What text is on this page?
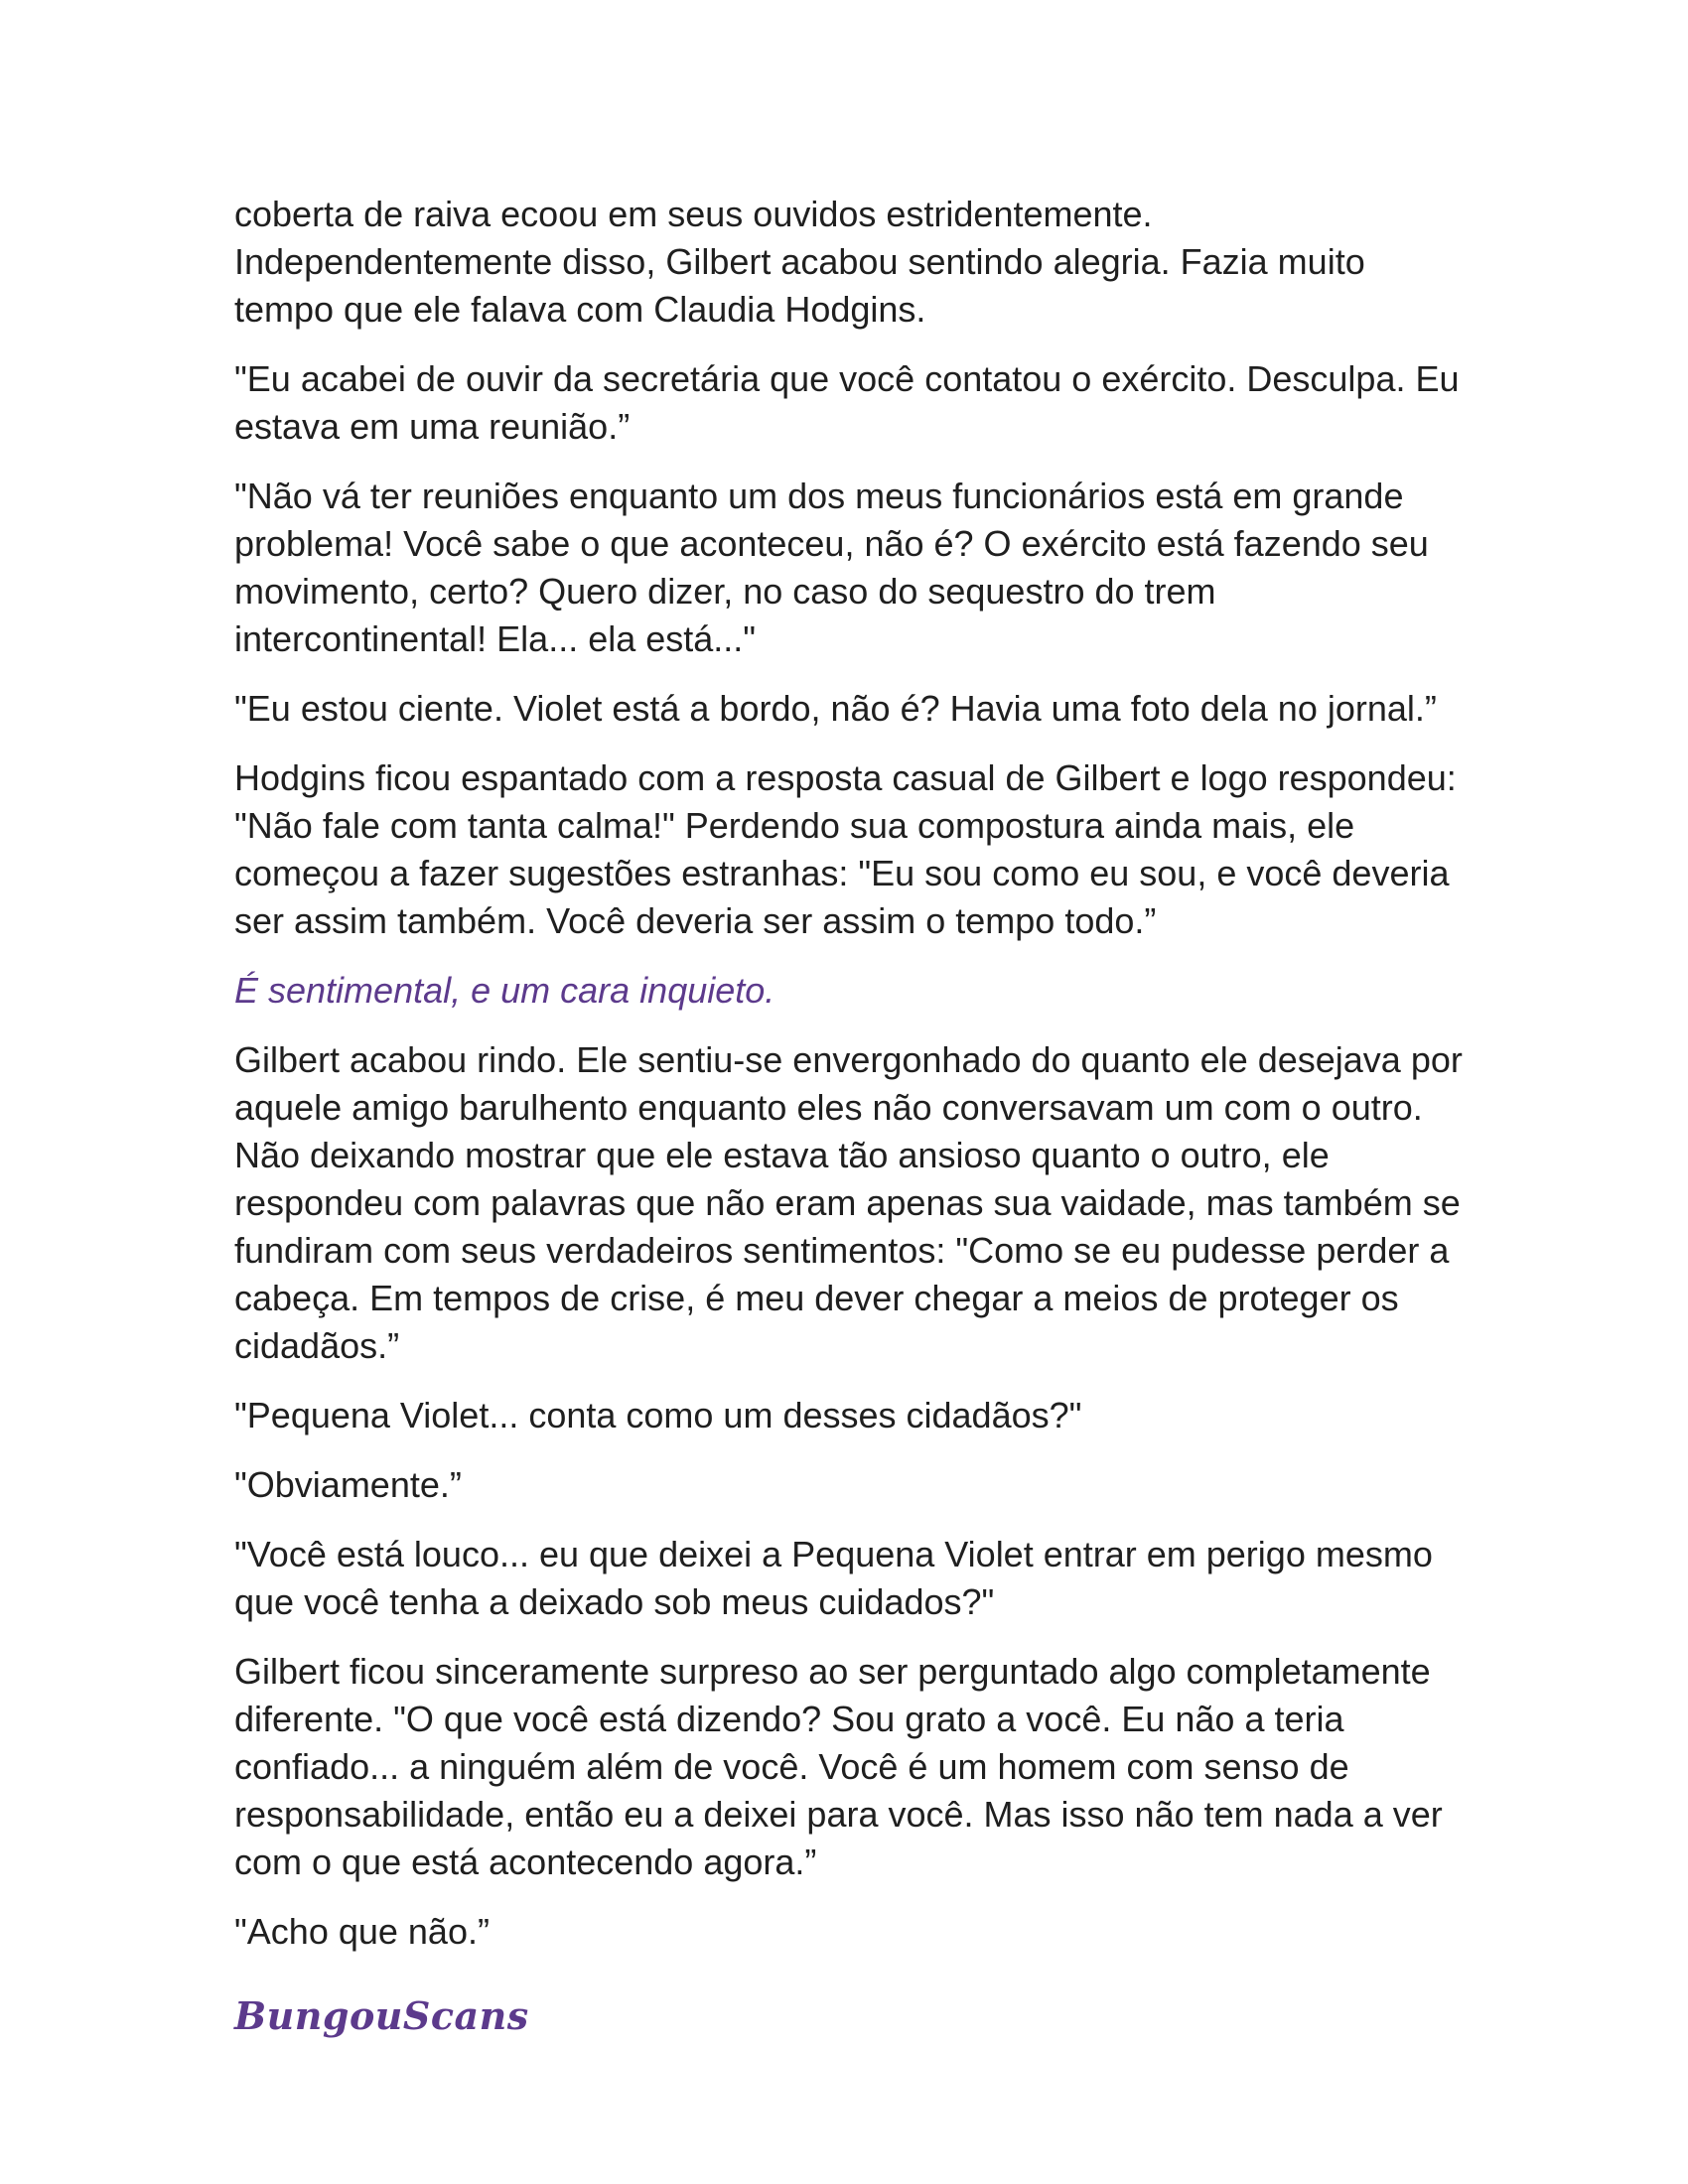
coberta de raiva ecoou em seus ouvidos estridentemente. Independentemente disso, Gilbert acabou sentindo alegria. Fazia muito tempo que ele falava com Claudia Hodgins.

"Eu acabei de ouvir da secretária que você contatou o exército. Desculpa. Eu estava em uma reunião.”

"Não vá ter reuniões enquanto um dos meus funcionários está em grande problema! Você sabe o que aconteceu, não é? O exército está fazendo seu movimento, certo? Quero dizer, no caso do sequestro do trem intercontinental! Ela... ela está..."

"Eu estou ciente. Violet está a bordo, não é? Havia uma foto dela no jornal.”

Hodgins ficou espantado com a resposta casual de Gilbert e logo respondeu: "Não fale com tanta calma!" Perdendo sua compostura ainda mais, ele começou a fazer sugestões estranhas: "Eu sou como eu sou, e você deveria ser assim também. Você deveria ser assim o tempo todo.”

É sentimental, e um cara inquieto.

Gilbert acabou rindo. Ele sentiu-se envergonhado do quanto ele desejava por aquele amigo barulhento enquanto eles não conversavam um com o outro. Não deixando mostrar que ele estava tão ansioso quanto o outro, ele respondeu com palavras que não eram apenas sua vaidade, mas também se fundiram com seus verdadeiros sentimentos: "Como se eu pudesse perder a cabeça. Em tempos de crise, é meu dever chegar a meios de proteger os cidadãos.”

"Pequena Violet... conta como um desses cidadãos?"

"Obviamente.”

"Você está louco... eu que deixei a Pequena Violet entrar em perigo mesmo que você tenha a deixado sob meus cuidados?"

Gilbert ficou sinceramente surpreso ao ser perguntado algo completamente diferente. "O que você está dizendo? Sou grato a você. Eu não a teria confiado... a ninguém além de você. Você é um homem com senso de responsabilidade, então eu a deixei para você. Mas isso não tem nada a ver com o que está acontecendo agora.”

"Acho que não.”

BungouScans
